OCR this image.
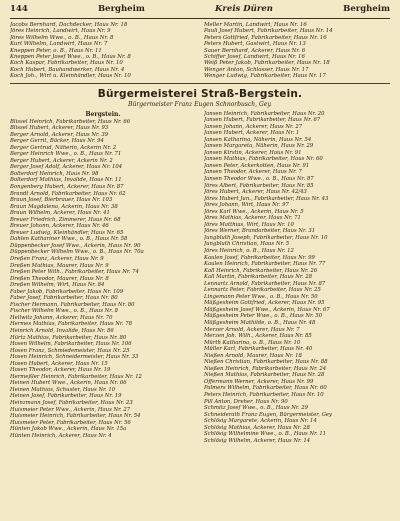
144	Bergheim	Kreis Düren	Bergheim
Jacobs Bernhard, Dachdecker, Haus Nr. 18
Jöres Heinrich, Landwirt, Haus Nr. 9
Jöres Wilhelm Wwe., o. B., Haus Nr. 8
Kurt Wilhelm, Landwirt, Haus Nr. 7
Kneppen Peter, o. B., Haus Nr. 11
Kneppen Peter Josef Wwe., o. B., Haus Nr. 8
Koch Kaspar, Fabrikarbeiter, Haus Nr. 10
Koch Hubert, Bauhandwerker, Haus Nr. 4
Koch Joh., Wirt u. Kleinhändler, Haus Nr. 10
Meller Martin, Landwirt, Haus Nr. 16
Pauli Josef Hubert, Fabrikarbeiter, Haus Nr. 14
Peters Gottfried, Fabrikarbeiter, Haus Nr. 16
Peters Hubert, Gastwirt, Haus Nr. 13
Sauer Bernhard, Ackerer, Haus Nr. 6
Schiffer Josef, Landwirt, Haus Nr. 16
Weiß Peter Jakob, Fabrikarbeiter, Haus Nr. 18
Wenger Anton, Schlosser, Haus Nr. 17
Wenger Ludwig, Fabrikarbeiter, Haus Nr. 17
Bürgermeisterei Straß-Bergstein.
Bürgermeister Franz Eugen Schnorbusch, Gey.
Bergstein.
Blissel Heinrich, Fabrikarbeiter, Haus Nr. 66
Blissel Hubert, Ackerer, Haus Nr. 93
Berger Arnold, Ackerer, Haus Nr. 39
Berger Gerrit, Bäcker, Haus Nr. 94
Berger Gertrud, Näherin, Ackerin Nr. 2
Berger Heinrich Wwe., o. B., Haus Nr. 71
Berger Hubert, Ackerer, Ackerin Nr. 2
Berger Josef Adolf, Ackerer, Haus Nr. 104
Bolterdorf Heinrich, Haus Nr. 98
Bolterdorf Mathias, Invalide, Haus Nr. 11
Bongenberg Hubert, Ackerer, Haus Nr. 87
Brandt Arnold, Fabrikarbeiter, Haus Nr. 62
Braun Josef, Bierbrauer, Haus Nr. 103
Braun Magdalena, Ackerin, Haus Nr. 38
Braun Wilhelm, Ackerer, Haus Nr. 41
Breuer Friedrich, Zimmerer, Haus Nr. 68
Breuer Johann, Ackerer, Haus Nr. 46
Breuer Ludwig, Kleinhändler, Haus Nr. 65
Dahlen Kathariner Wwe., o. B., Haus Nr. 58
Düppenbecker Josef Wwe., Ackerin, Haus Nr. 90
Düppenbecker Wilhelm Wwe., o. B., Haus Nr. 70a
Dreßen Franz, Ackerer, Haus Nr. 9
Dreßen Mathias, Maurer, Haus Nr. 9
Dreßen Peter Wilh., Fabrikarbeiter, Haus Nr. 74
Dreßen Theodor, Maurer, Haus Nr. 8
Dreßen Wilhelm, Wirt, Haus Nr. 84
Faber Jakob, Fabrikarbeiter, Haus Nr. 109
Faber Josef, Fabrikarbeiter, Haus Nr. 80
Fischer Hermann, Fabrikarbeiter, Haus Nr. 80
Fischer Wilhelm Wwe., o. B., Haus Nr. 8
Hellwitz Johann, Ackerer, Haus Nr. 70
Hermes Mathias, Fabrikarbeiter, Haus Nr. 78
Heinrich Arnold, Invalide, Haus Nr. 86
Hürtz Mathias, Fabrikarbeiter, Haus Nr. 80
Hosen Wilhelm, Fabrikarbeiter, Haus Nr. 106
Hosen Franz, Schmiedemeister, Haus Nr. 25
Hosen Heinrich, Schneidermeister, Haus Nr. 33
Hosen Hubert, Ackerer, Haus Nr. 15
Hosen Theodor, Ackerer, Haus Nr. 19
Hermeßler Heinrich, Fabrikarbeiter, Haus Nr. 12
Heinen Hubert Wwe., Ackerin, Haus Nr. 66
Heinen Mathias, Schuster, Haus Nr. 10
Heinen Josef, Fabrikarbeiter, Haus Nr. 19
Heinzmann Josef, Fabrikarbeiter, Haus Nr. 23
Huismeier Peter Wwe., Ackerin, Haus Nr. 27
Huismeier Heinrich, Fabrikarbeiter, Haus Nr. 54
Huismeier Peter, Fabrikarbeiter, Haus Nr. 56
Hünten Jakob Wwe., Ackerin, Haus Nr. 15a
Hünten Heinrich, Ackerer, Haus Nr. 4
Jansen Heinrich, Fabrikarbeiter, Haus Nr. 20
Jansen Hubert, Fabrikarbeiter, Haus Nr. 67
Jansen Johann, Ackerer, Haus Nr. 27
Jansen Hubert, Ackerer, Haus Nr. 1
Jansen Katharina, Näherin, Haus Nr. 54
Jansen Margareta, Näherin, Haus Nr. 29
Jansen Kirstin, Ackerer, Haus Nr. 91
Jansen Mathias, Fabrikarbeiter, Haus Nr. 60
Jansen Peter, Ackerkotten, Haus Nr. 91
Jansen Theodor, Ackerer, Haus Nr. 7
Jansen Theodor Wwe., o. B., Haus Nr. 87
Jöres Albert, Fabrikarbeiter, Haus Nr. 85
Jöres Hubert, Ackerer, Haus Nr. 42/43
Jöres Hubert Jun., Fabrikarbeiter, Haus Nr. 43
Jöres Johann, Wirt, Haus Nr. 97
Jöres Karl Wwe., Ackerin, Haus Nr. 5
Jöres Mathias, Ackerer, Haus Nr. 71
Jöres Matthias, Wirt, Haus Nr. 10
Jöres Werner, Brandarbeiter, Haus Nr. 31
Jungbluth Joseph, Fabrikarbeiter, Haus Nr. 10
Jungbluth Christian, Haus Nr. 5
Jöres Heinrich, o. B., Haus Nr. 12
Kaulen Josef, Fabrikarbeiter, Haus Nr. 99
Kaulen Heinrich, Fabrikarbeiter, Haus Nr. 77
Kall Heinrich, Fabrikarbeiter, Haus Nr. 26
Kall Martin, Fabrikarbeiter, Haus Nr. 28
Lennartz Arnold, Fabrikarbeiter, Haus Nr. 87
Lennartz Peter, Fabrikarbeiter, Haus Nr. 25
Lingemann Peter Wwe., o. B., Haus Nr. 50
Mäßgesheim Gottfried, Ackerer, Haus Nr. 95
Mäßgesheim Josef Wwe., Ackerin, Haus Nr. 67
Mäßgesheim Peter Wwe., o. B., Haus Nr. 50
Mäßgesheim Mathilde, o. B., Haus Nr. 48
Merzer Arnold, Ackerer, Haus Nr. 7
Merzen Joh. Wilh., Ackerer, Haus Nr. 85
Mürth Katharina, o. B., Haus Nr. 10
Müller Karl, Fabrikarbeiter, Haus Nr. 40
Nießen Arnold, Maurer, Haus Nr. 18
Nießen Christian, Fabrikarbeiter, Haus Nr. 88
Nießen Heinrich, Fabrikarbeiter, Haus Nr. 24
Nießen Mathias, Fabrikarbeiter, Haus Nr. 28
Offermann Werner, Ackerer, Haus Nr. 99
Palmers Wilhelm, Fabrikarbeiter, Haus Nr. 60
Peters Heinrich, Fabrikarbeiter, Haus Nr. 10
Pill Anton, Dreher, Haus Nr. 90
Schmitz Josef Wwe., o. B., Haus Nr. 29
Schneiderath Franz Eugen, Bürgermeister, Gey
Schlösig Margarete, Ackerin, Haus Nr. 14
Schlösig Mathias, Ackerer, Haus Nr. 28
Schlösig Wilhelmine Wwe., o. B., Haus Nr. 11
Schlösig Wilhelm, Ackerer, Haus Nr. 14
